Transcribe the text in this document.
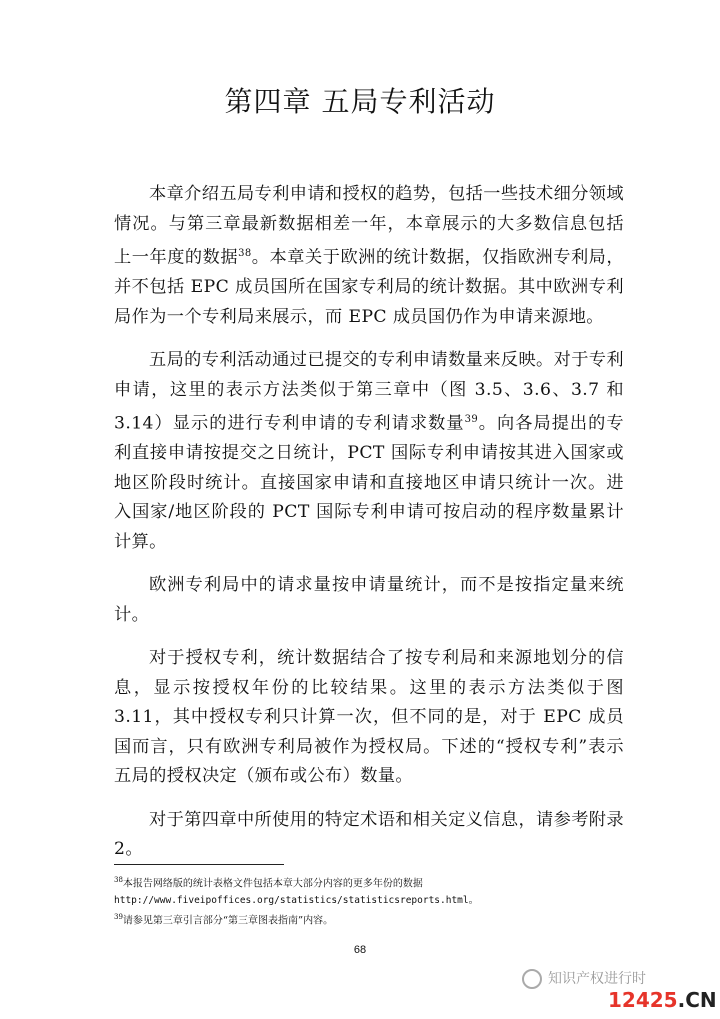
第四章 五局专利活动

本章介绍五局专利申请和授权的趋势，包括一些技术细分领域情况。与第三章最新数据相差一年，本章展示的大多数信息包括上一年度的数据$^{38}$。本章关于欧洲的统计数据，仅指欧洲专利局，并不包括 EPC 成员国所在国家专利局的统计数据。其中欧洲专利局作为一个专利局来展示，而 EPC 成员国仍作为申请来源地。

五局的专利活动通过已提交的专利申请数量来反映。对于专利申请，这里的表示方法类似于第三章中（图 3.5、3.6、3.7 和 3.14）显示的进行专利申请的专利请求数量$^{39}$。向各局提出的专利直接申请按提交之日统计，PCT 国际专利申请按其进入国家或地区阶段时统计。直接国家申请和直接地区申请只统计一次。进入国家/地区阶段的 PCT 国际专利申请可按启动的程序数量累计计算。

欧洲专利局中的请求量按申请量统计，而不是按指定量来统计。

对于授权专利，统计数据结合了按专利局和来源地划分的信息，显示按授权年份的比较结果。这里的表示方法类似于图 3.11，其中授权专利只计算一次，但不同的是，对于 EPC 成员国而言，只有欧洲专利局被作为授权局。下述的“授权专利”表示五局的授权决定（颁布或公布）数量。

对于第四章中所使用的特定术语和相关定义信息，请参考附录 2。

$^{38}$本报告网络版的统计表格文件包括本章大部分内容的更多年份的数据
http://www.fiveipoffices.org/statistics/statisticsreports.html。
$^{39}$请参见第三章引言部分“第三章图表指南”内容。
68
知识产权进行时
12425.CN
